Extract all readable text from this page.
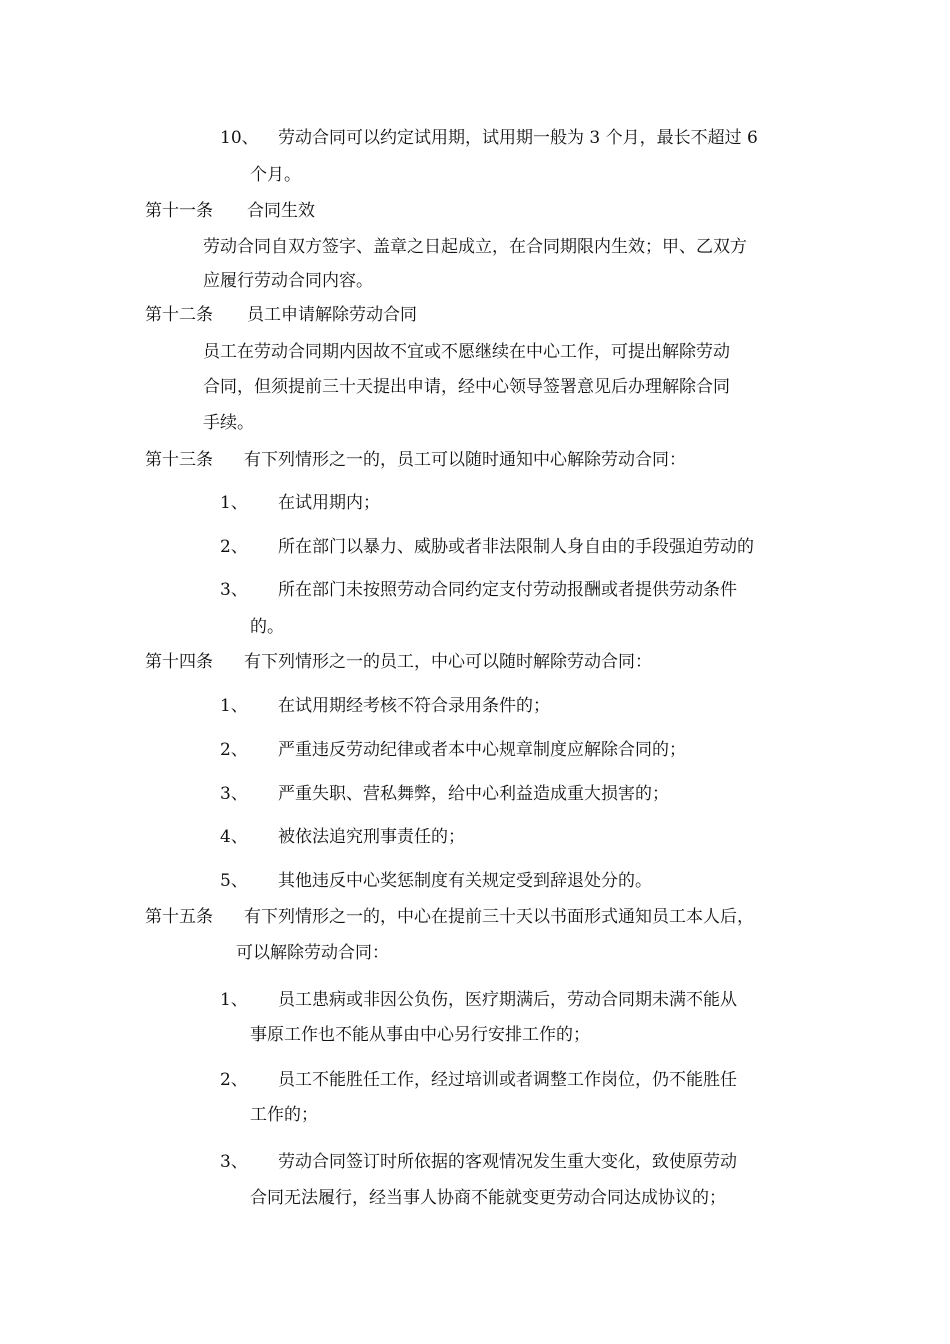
10、 劳动合同可以约定试用期，试用期一般为 3 个月，最长不超过 6
个月。
第十一条 合同生效
劳动合同自双方签字、盖章之日起成立，在合同期限内生效；甲、乙双方
应履行劳动合同内容。
第十二条 员工申请解除劳动合同
员工在劳动合同期内因故不宜或不愿继续在中心工作，可提出解除劳动
合同，但须提前三十天提出申请，经中心领导签署意见后办理解除合同
手续。
第十三条 有下列情形之一的，员工可以随时通知中心解除劳动合同：
1、 在试用期内；
2、 所在部门以暴力、威胁或者非法限制人身自由的手段强迫劳动的
3、 所在部门未按照劳动合同约定支付劳动报酬或者提供劳动条件
的。
第十四条 有下列情形之一的员工，中心可以随时解除劳动合同：
1、 在试用期经考核不符合录用条件的；
2、 严重违反劳动纪律或者本中心规章制度应解除合同的；
3、 严重失职、营私舞弊，给中心利益造成重大损害的；
4、 被依法追究刑事责任的；
5、 其他违反中心奖惩制度有关规定受到辞退处分的。
第十五条 有下列情形之一的，中心在提前三十天以书面形式通知员工本人后，
可以解除劳动合同：
1、 员工患病或非因公负伤，医疗期满后，劳动合同期未满不能从
事原工作也不能从事由中心另行安排工作的；
2、 员工不能胜任工作，经过培训或者调整工作岗位，仍不能胜任
工作的；
3、 劳动合同签订时所依据的客观情况发生重大变化，致使原劳动
合同无法履行，经当事人协商不能就变更劳动合同达成协议的；
